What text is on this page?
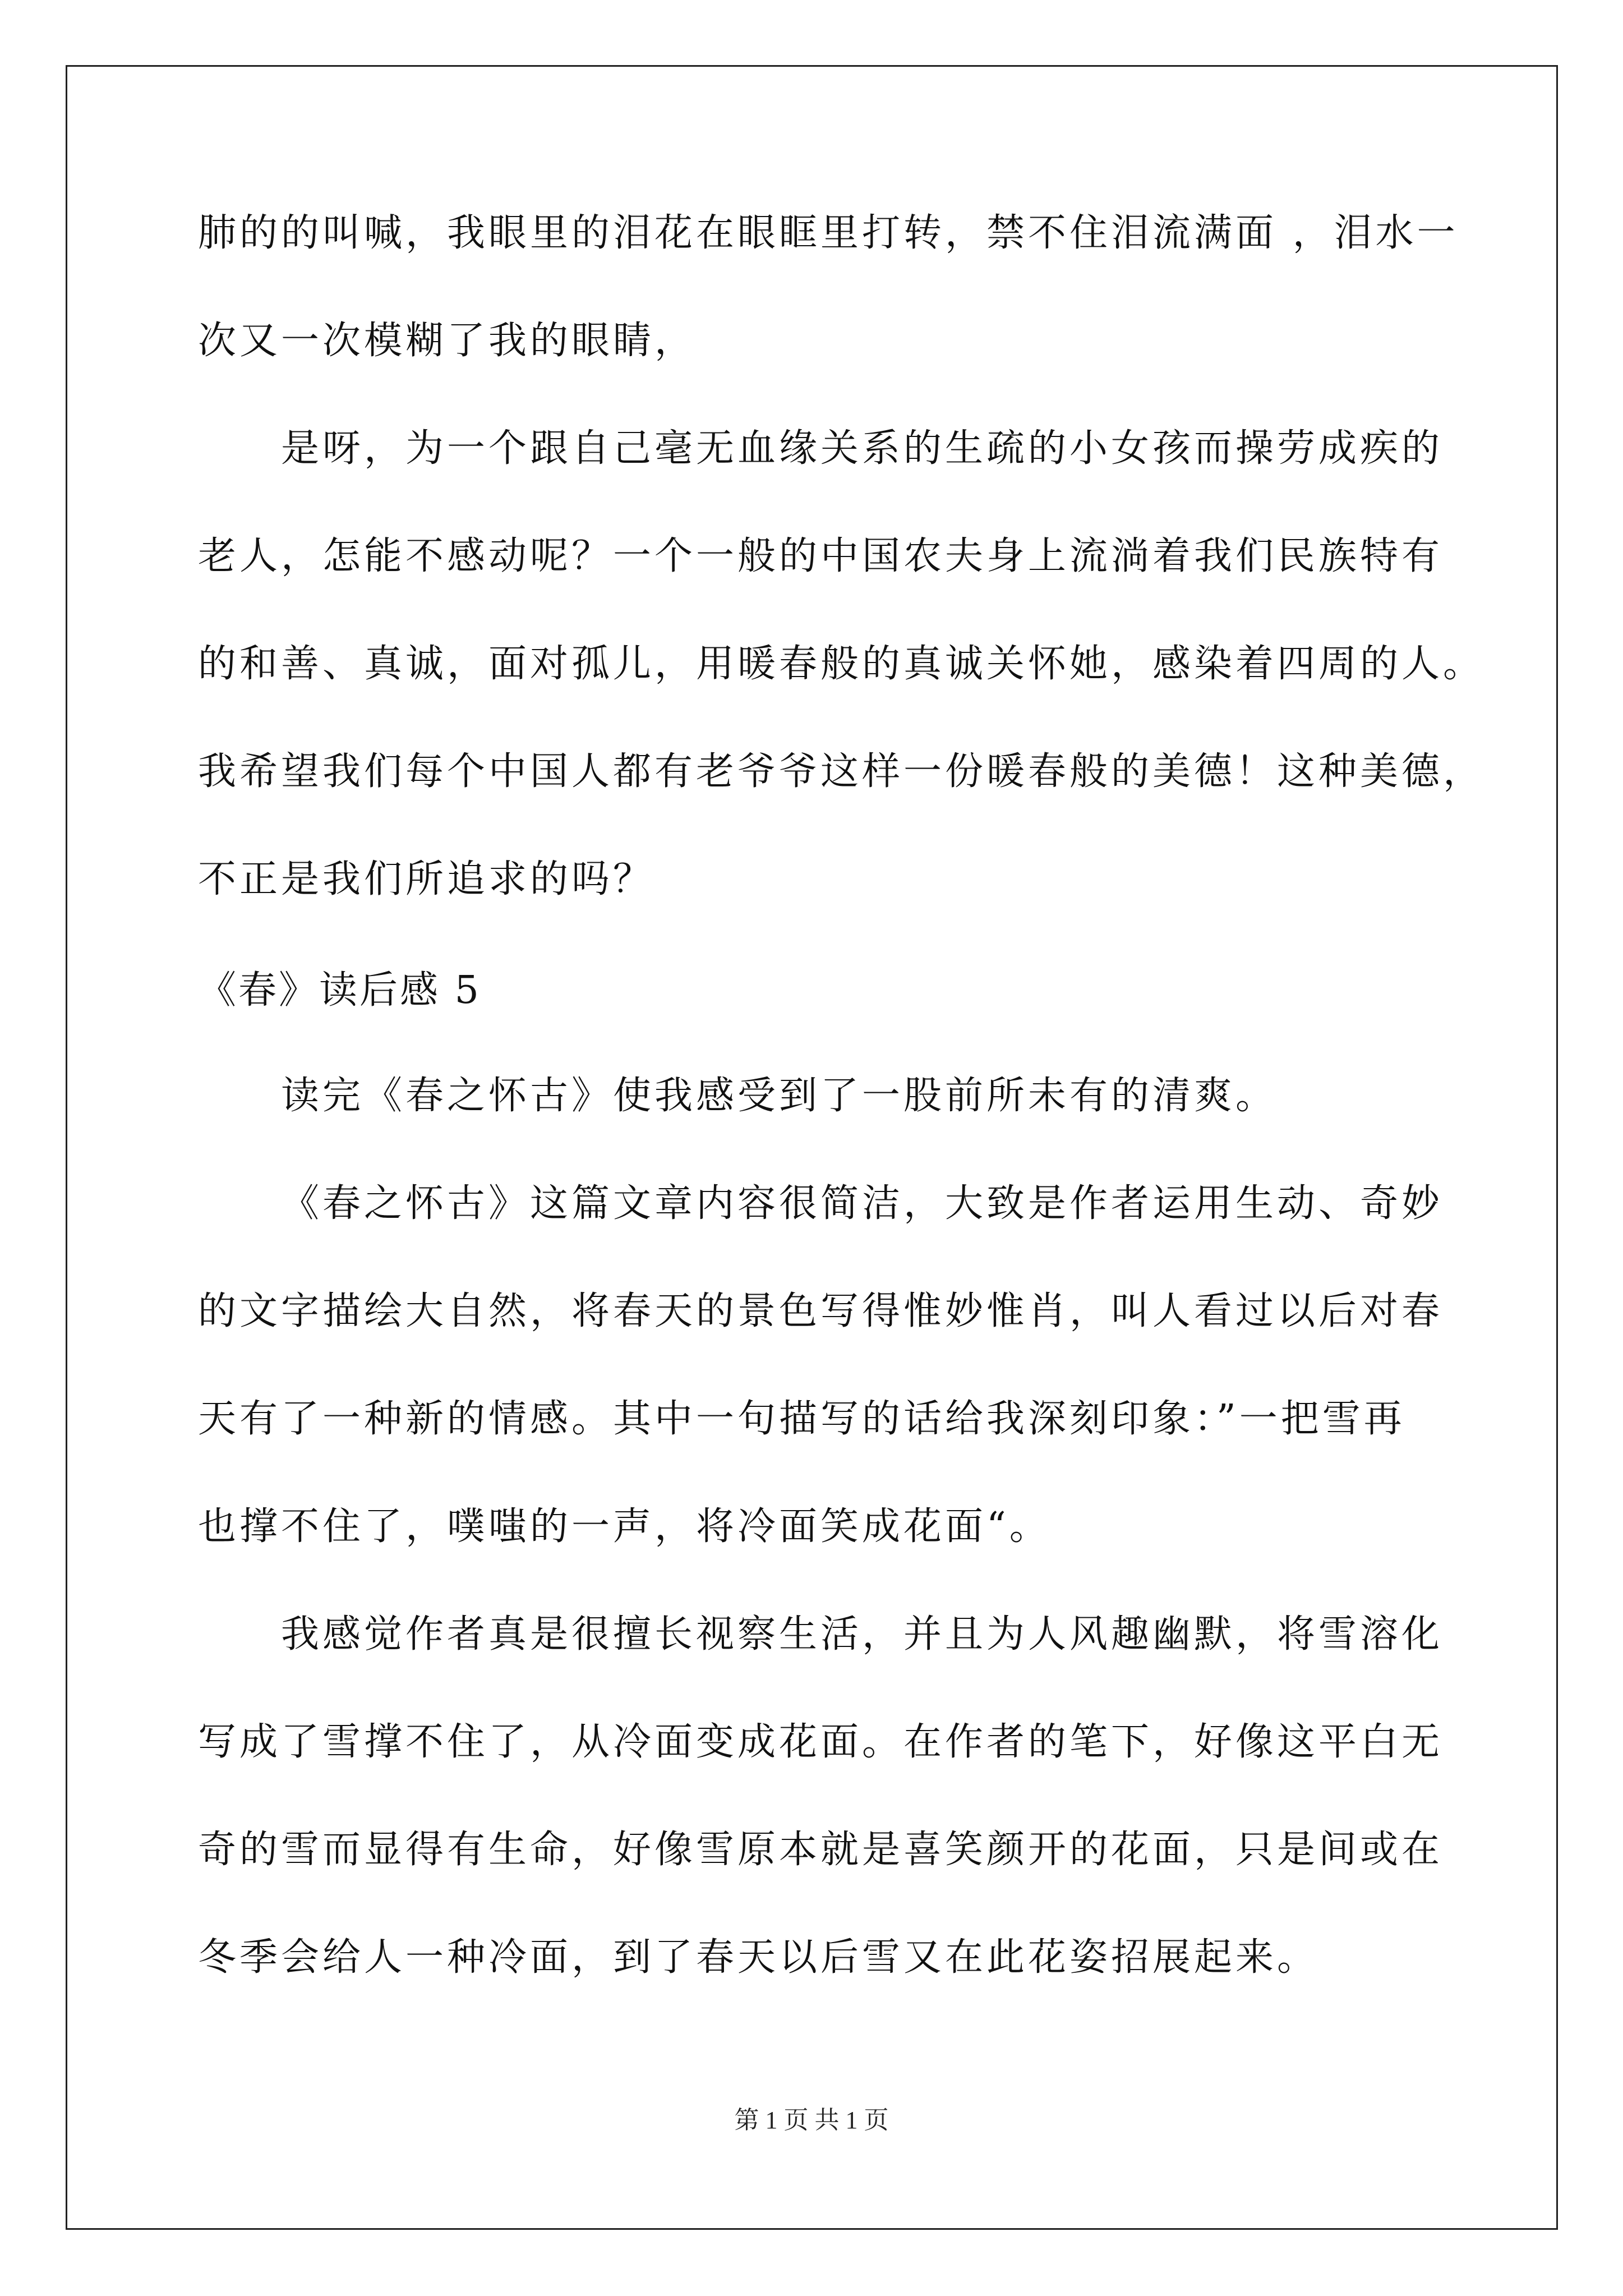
肺的的叫喊，我眼里的泪花在眼眶里打转，禁不住泪流满面 ，泪水一
次又一次模糊了我的眼睛，
是呀，为一个跟自己毫无血缘关系的生疏的小女孩而操劳成疾的
老人，怎能不感动呢？一个一般的中国农夫身上流淌着我们民族特有
的和善、真诚，面对孤儿，用暖春般的真诚关怀她，感染着四周的人。
我希望我们每个中国人都有老爷爷这样一份暖春般的美德！这种美德，
不正是我们所追求的吗？
《春》读后感 5
读完《春之怀古》使我感受到了一股前所未有的清爽。
《春之怀古》这篇文章内容很简洁，大致是作者运用生动、奇妙
的文字描绘大自然，将春天的景色写得惟妙惟肖，叫人看过以后对春
天有了一种新的情感。其中一句描写的话给我深刻印象：”一把雪再
也撑不住了，噗嗤的一声，将冷面笑成花面“。
我感觉作者真是很擅长视察生活，并且为人风趣幽默，将雪溶化
写成了雪撑不住了，从冷面变成花面。在作者的笔下，好像这平白无
奇的雪而显得有生命，好像雪原本就是喜笑颜开的花面，只是间或在
冬季会给人一种冷面，到了春天以后雪又在此花姿招展起来。
第 1 页 共 1 页
